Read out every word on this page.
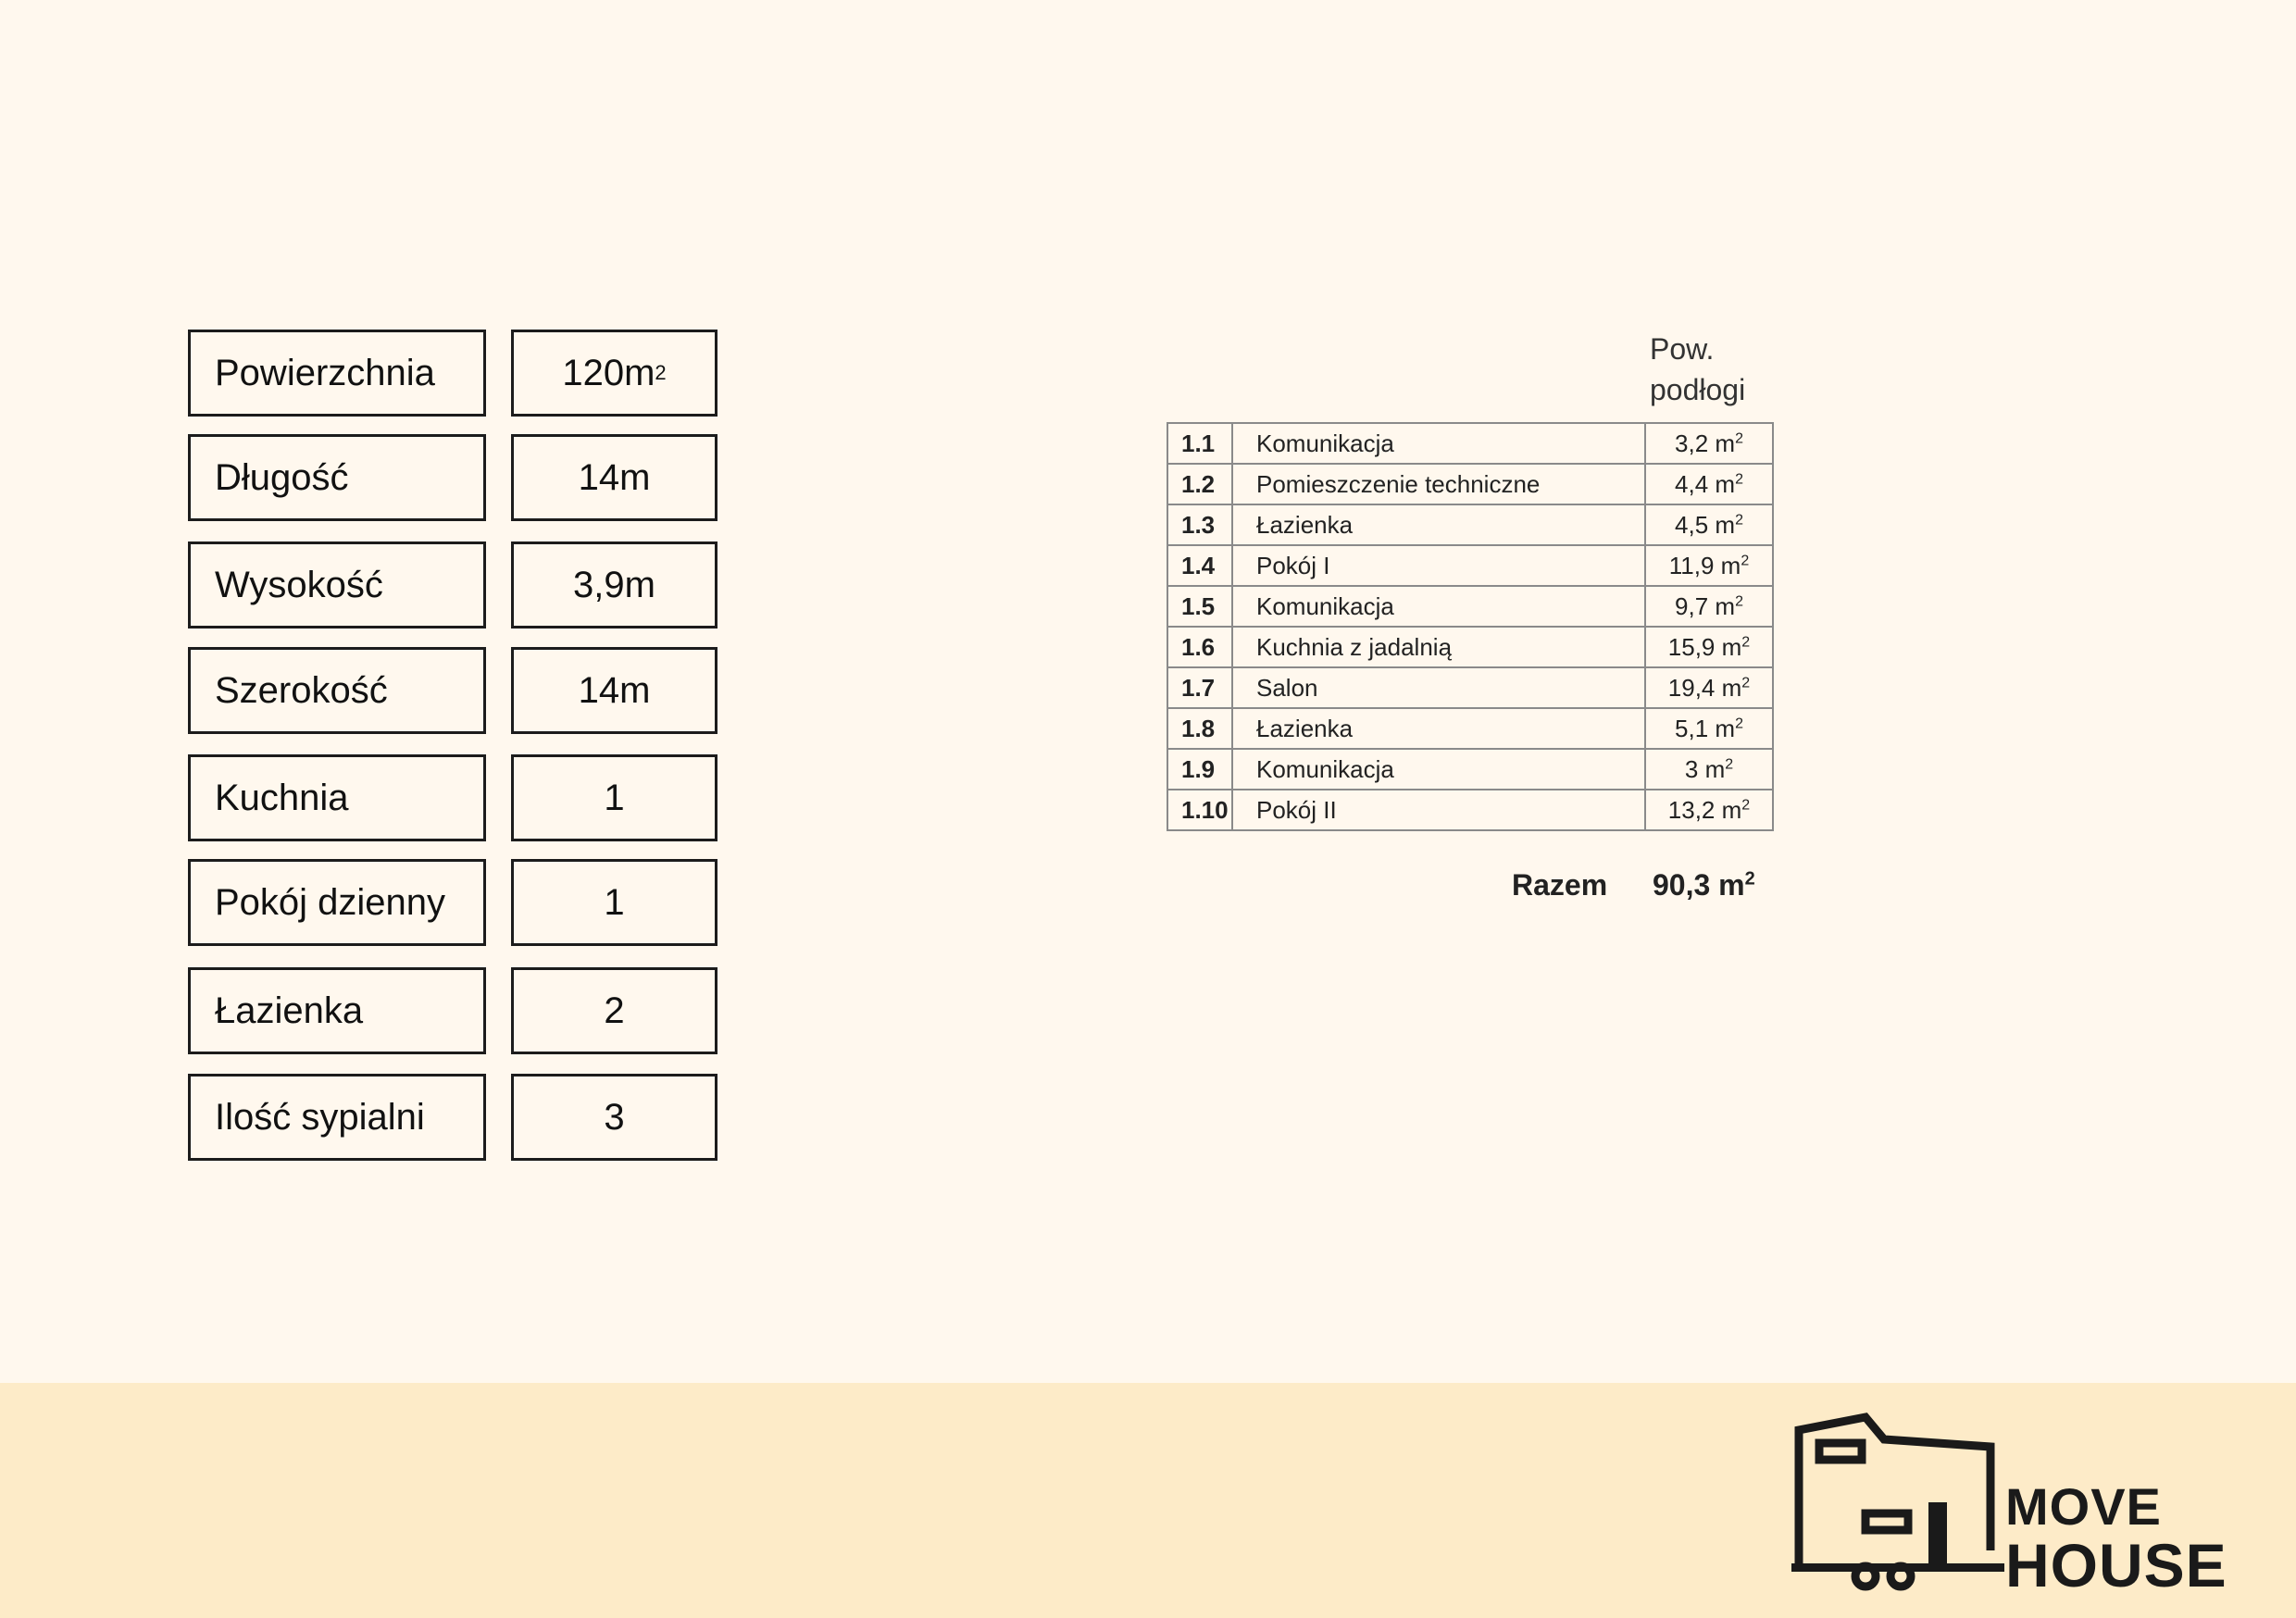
Powierzchnia	120m 2
Długość	14m
Wysokość	3,9m
Szerokość	14m
Kuchnia	1
Pokój dzienny	1
Łazienka	2
Ilość sypialni	3
Pow.
podłogi
1.1	Komunikacja	3,2 $m^2$
1.2	Pomieszczenie techniczne	4,4 $m^2$
1.3	Łazienka	4,5 $m^2$
1.4	Pokój I	11,9 $m^2$
1.5	Komunikacja	9,7 $m^2$
1.6	Kuchnia z jadalnią	15,9 $m^2$
1.7	Salon	19,4 $m^2$
1.8	Łazienka	5,1 $m^2$
1.9	Komunikacja	3 $m^2$
1.10	Pokój II	13,2 $m^2$
Razem 90,3 $m^2$
MOVE
HOUSE
